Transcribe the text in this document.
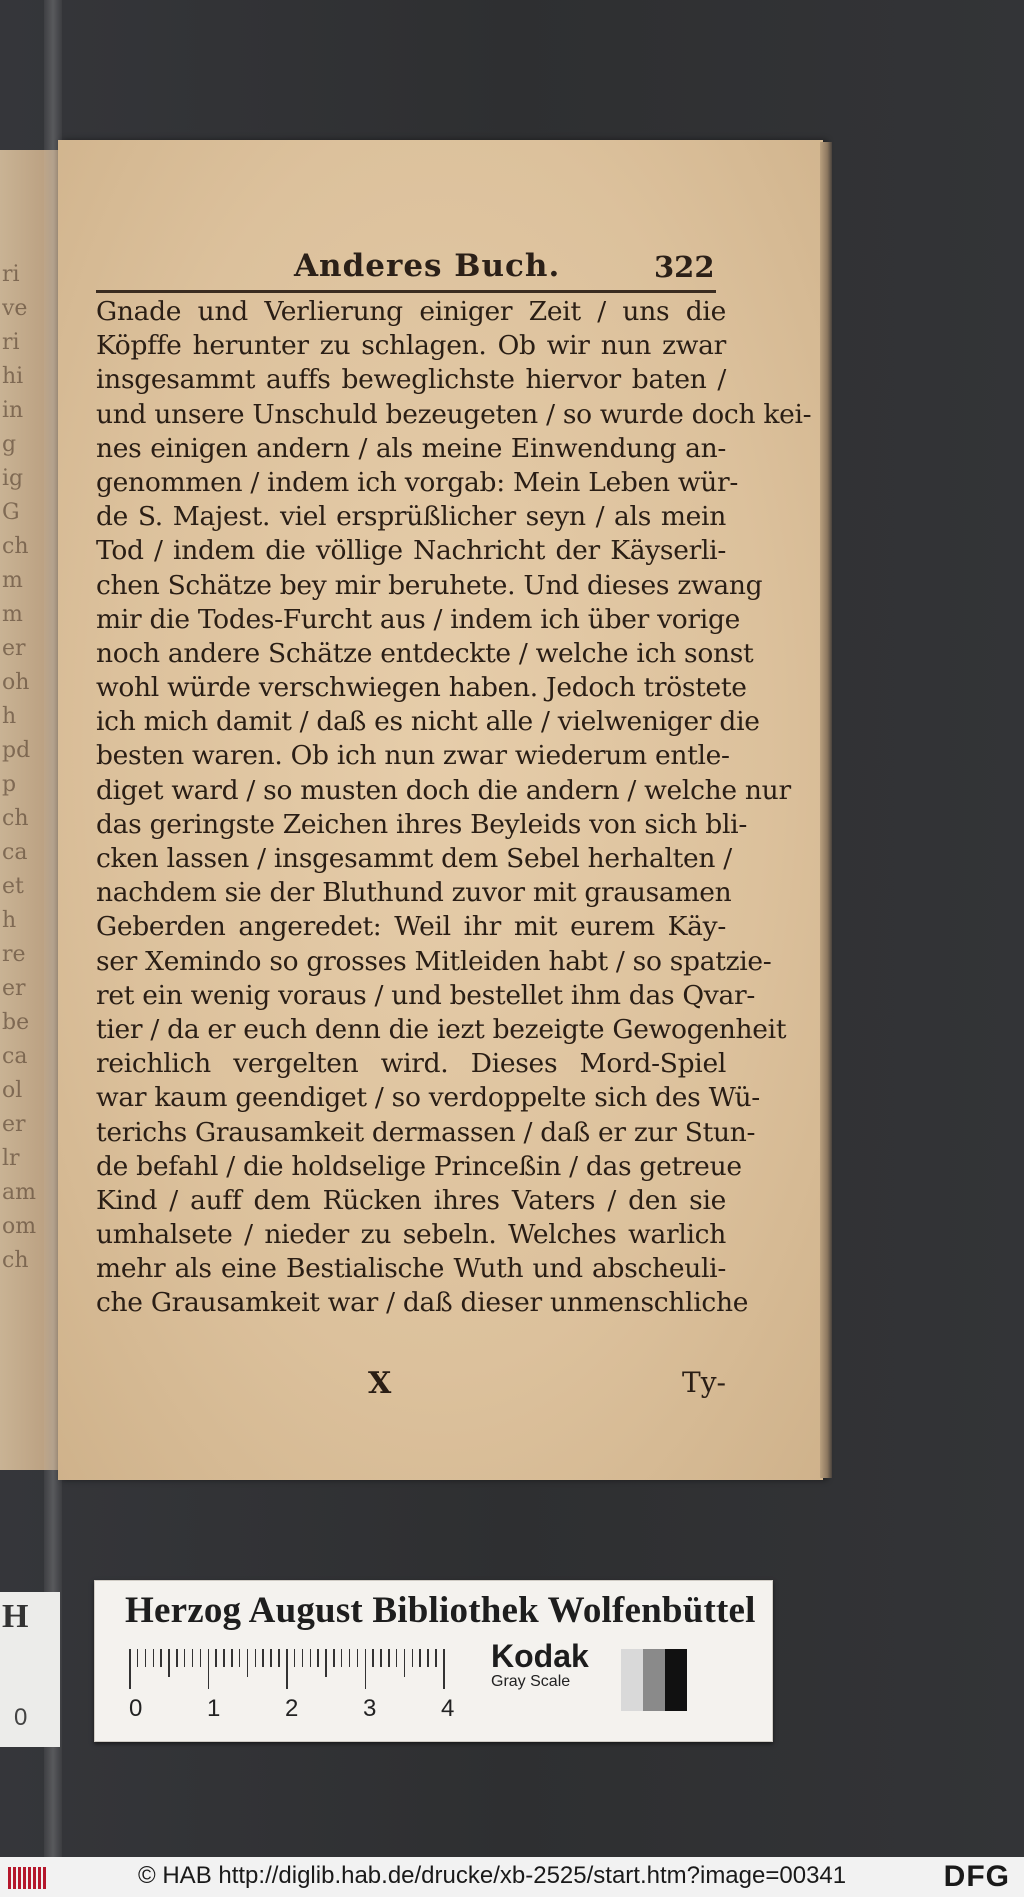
ri
ve
ri
hi
in
g
ig
G
ch
m
m
er
oh
h
pd
p
ch
ca
et
h
re
er
be
ca
ol
er
lr
am
om
ch
Anderes Buch.	322
Gnade und Verlierung einiger Zeit / uns die
Köpffe herunter zu schlagen. Ob wir nun zwar
insgesammt auffs beweglichste hiervor baten /
und unsere Unschuld bezeugeten / so wurde doch kei-
nes einigen andern / als meine Einwendung an-
genommen / indem ich vorgab: Mein Leben wür-
de S. Majest. viel ersprüßlicher seyn / als mein
Tod / indem die völlige Nachricht der Käyserli-
chen Schätze bey mir beruhete. Und dieses zwang
mir die Todes-Furcht aus / indem ich über vorige
noch andere Schätze entdeckte / welche ich sonst
wohl würde verschwiegen haben. Jedoch tröstete
ich mich damit / daß es nicht alle / vielweniger die
besten waren. Ob ich nun zwar wiederum entle-
diget ward / so musten doch die andern / welche nur
das geringste Zeichen ihres Beyleids von sich bli-
cken lassen / insgesammt dem Sebel herhalten /
nachdem sie der Bluthund zuvor mit grausamen
Geberden angeredet: Weil ihr mit eurem Käy-
ser Xemindo so grosses Mitleiden habt / so spatzie-
ret ein wenig voraus / und bestellet ihm das Qvar-
tier / da er euch denn die iezt bezeigte Gewogenheit
reichlich vergelten wird. Dieses Mord-Spiel
war kaum geendiget / so verdoppelte sich des Wü-
terichs Grausamkeit dermassen / daß er zur Stun-
de befahl / die holdselige Princeßin / das getreue
Kind / auff dem Rücken ihres Vaters / den sie
umhalsete / nieder zu sebeln. Welches warlich
mehr als eine Bestialische Wuth und abscheuli-
che Grausamkeit war / daß dieser unmenschliche
X	Ty-
H
0
Herzog August Bibliothek Wolfenbüttel
0	1	2	3	4
Kodak
Gray Scale
© HAB http://diglib.hab.de/drucke/xb-2525/start.htm?image=00341	DFG
